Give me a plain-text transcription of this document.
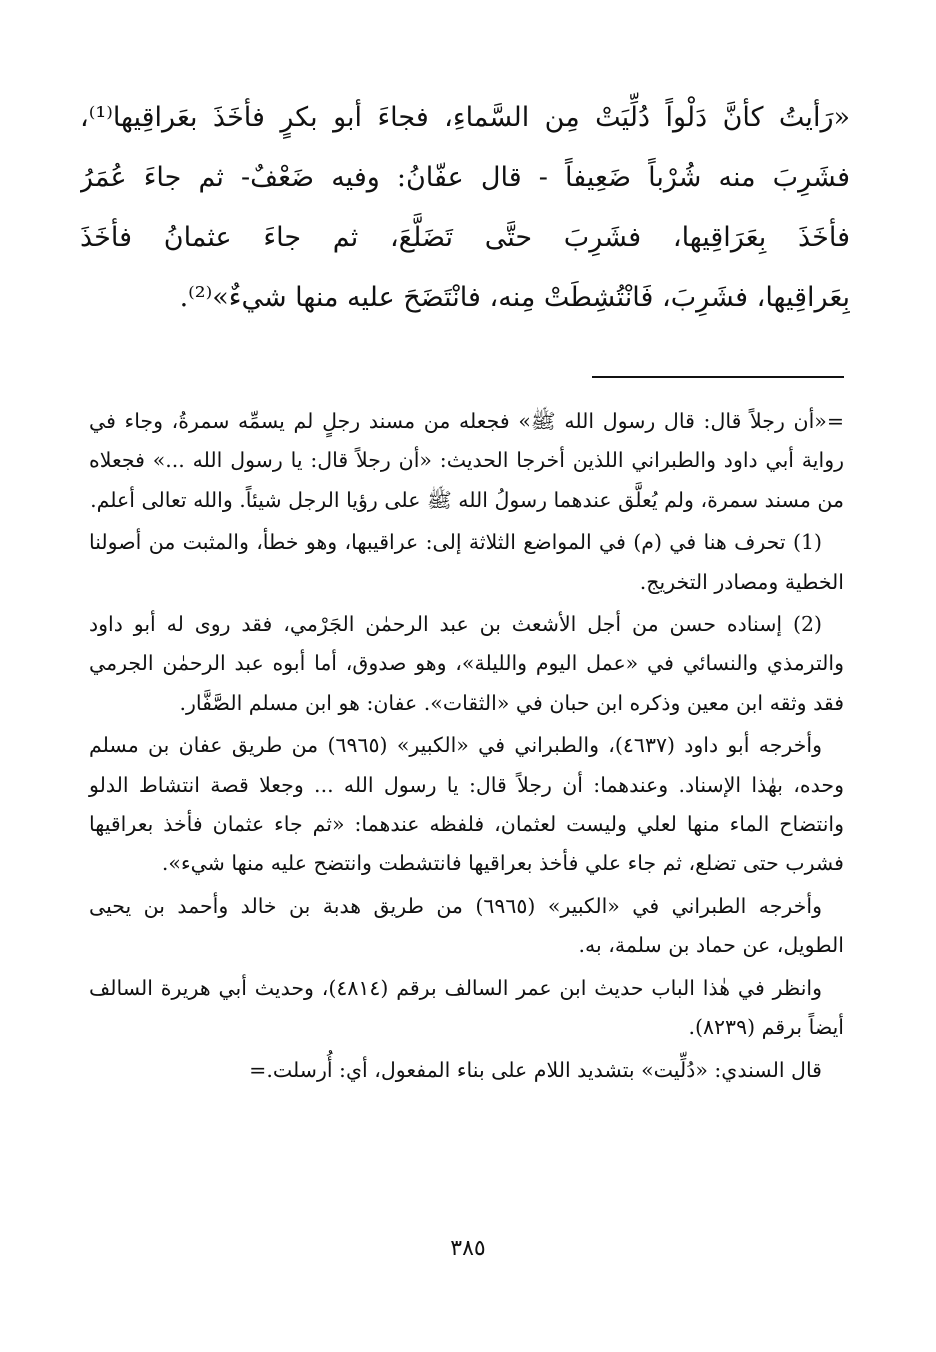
«رَأيتُ كأنَّ دَلْواً دُلِّيَتْ مِن السَّماءِ، فجاءَ أبو بكرٍ فأخَذَ بعَراقِيها⁽¹⁾،

فشَرِبَ منه شُرْباً ضَعِيفاً - قال عفّانُ: وفيه ضَعْفٌ- ثم جاءَ عُمَرُ

فأخَذَ بِعَرَاقِيها، فشَرِبَ حتَّى تَضَلَّعَ، ثم جاءَ عثمانُ فأخَذَ

بِعَراقِيها، فشَرِبَ، فَانْتُشِطَتْ مِنه، فانْتَضَحَ عليه منها شيءٌ»⁽²⁾.

=«أن رجلاً قال: قال رسول الله ﷺ» فجعله من مسند رجلٍ لم يسمِّه سمرةُ، وجاء في رواية أبي داود والطبراني اللذين أخرجا الحديث: «أن رجلاً قال: يا رسول الله ...» فجعلاه من مسند سمرة، ولم يُعلَّق عندهما رسولُ الله ﷺ على رؤيا الرجل شيئاً. والله تعالى أعلم.

(1) تحرف هنا في (م) في المواضع الثلاثة إلى: عراقيبها، وهو خطأ، والمثبت من أصولنا الخطية ومصادر التخريج.

(2) إسناده حسن من أجل الأشعث بن عبد الرحمٰن الجَرْمي، فقد روى له أبو داود والترمذي والنسائي في «عمل اليوم والليلة»، وهو صدوق، أما أبوه عبد الرحمٰن الجرمي فقد وثقه ابن معين وذكره ابن حبان في «الثقات». عفان: هو ابن مسلم الصَّفَّار.

وأخرجه أبو داود (٤٦٣٧)، والطبراني في «الكبير» (٦٩٦٥) من طريق عفان بن مسلم وحده، بهٰذا الإسناد. وعندهما: أن رجلاً قال: يا رسول الله ... وجعلا قصة انتشاط الدلو وانتضاح الماء منها لعلي وليست لعثمان، فلفظه عندهما: «ثم جاء عثمان فأخذ بعراقيها فشرب حتى تضلع، ثم جاء علي فأخذ بعراقيها فانتشطت وانتضح عليه منها شيء».

وأخرجه الطبراني في «الكبير» (٦٩٦٥) من طريق هدبة بن خالد وأحمد بن يحيى الطويل، عن حماد بن سلمة، به.

وانظر في هٰذا الباب حديث ابن عمر السالف برقم (٤٨١٤)، وحديث أبي هريرة السالف أيضاً برقم (٨٢٣٩).

قال السندي: «دُلِّيت» بتشديد اللام على بناء المفعول، أي: أُرسلت.=

٣٨٥
